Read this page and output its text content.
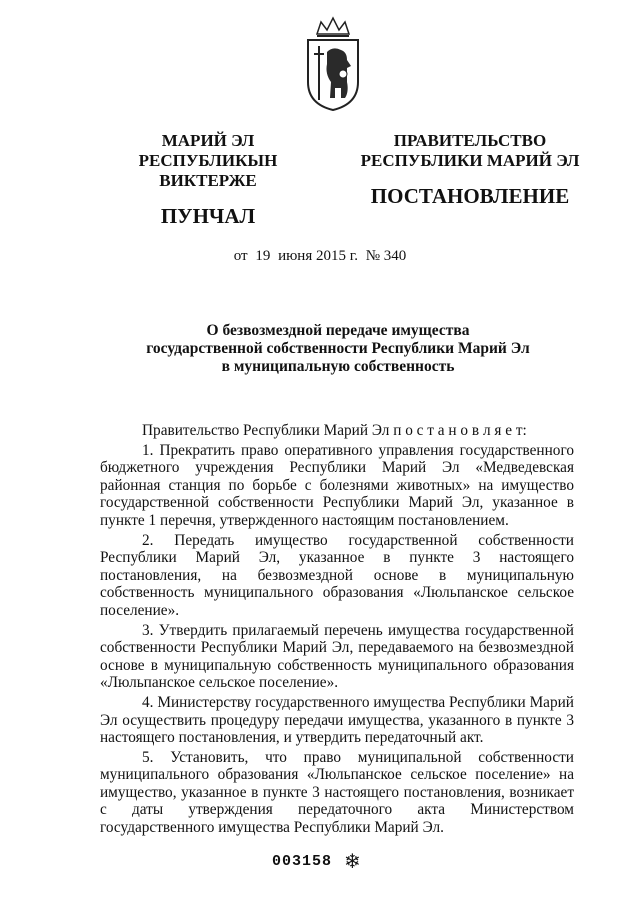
МАРИЙ ЭЛ РЕСПУБЛИКЫН
ВИКТЕРЖЕ
ПУНЧАЛ
ПРАВИТЕЛЬСТВО
РЕСПУБЛИКИ МАРИЙ ЭЛ
ПОСТАНОВЛЕНИЕ
от 19 июня 2015 г. № 340
О безвозмездной передаче имущества
государственной собственности Республики Марий Эл
в муниципальную собственность

Правительство Республики Марий Эл п о с т а н о в л я е т:

1. Прекратить право оперативного управления государственного бюджетного учреждения Республики Марий Эл «Медведевская районная станция по борьбе с болезнями животных» на имущество государственной собственности Республики Марий Эл, указанное в пункте 1 перечня, утвержденного настоящим постановлением.

2. Передать имущество государственной собственности Республики Марий Эл, указанное в пункте 3 настоящего постановления, на безвозмездной основе в муниципальную собственность муниципального образования «Люльпанское сельское поселение».

3. Утвердить прилагаемый перечень имущества государственной собственности Республики Марий Эл, передаваемого на безвозмездной основе в муниципальную собственность муниципального образования «Люльпанское сельское поселение».

4. Министерству государственного имущества Республики Марий Эл осуществить процедуру передачи имущества, указанного в пункте 3 настоящего постановления, и утвердить передаточный акт.

5. Установить, что право муниципальной собственности муниципального образования «Люльпанское сельское поселение» на имущество, указанное в пункте 3 настоящего постановления, возникает с даты утверждения передаточного акта Министерством государственного имущества Республики Марий Эл.

003158 ❄
